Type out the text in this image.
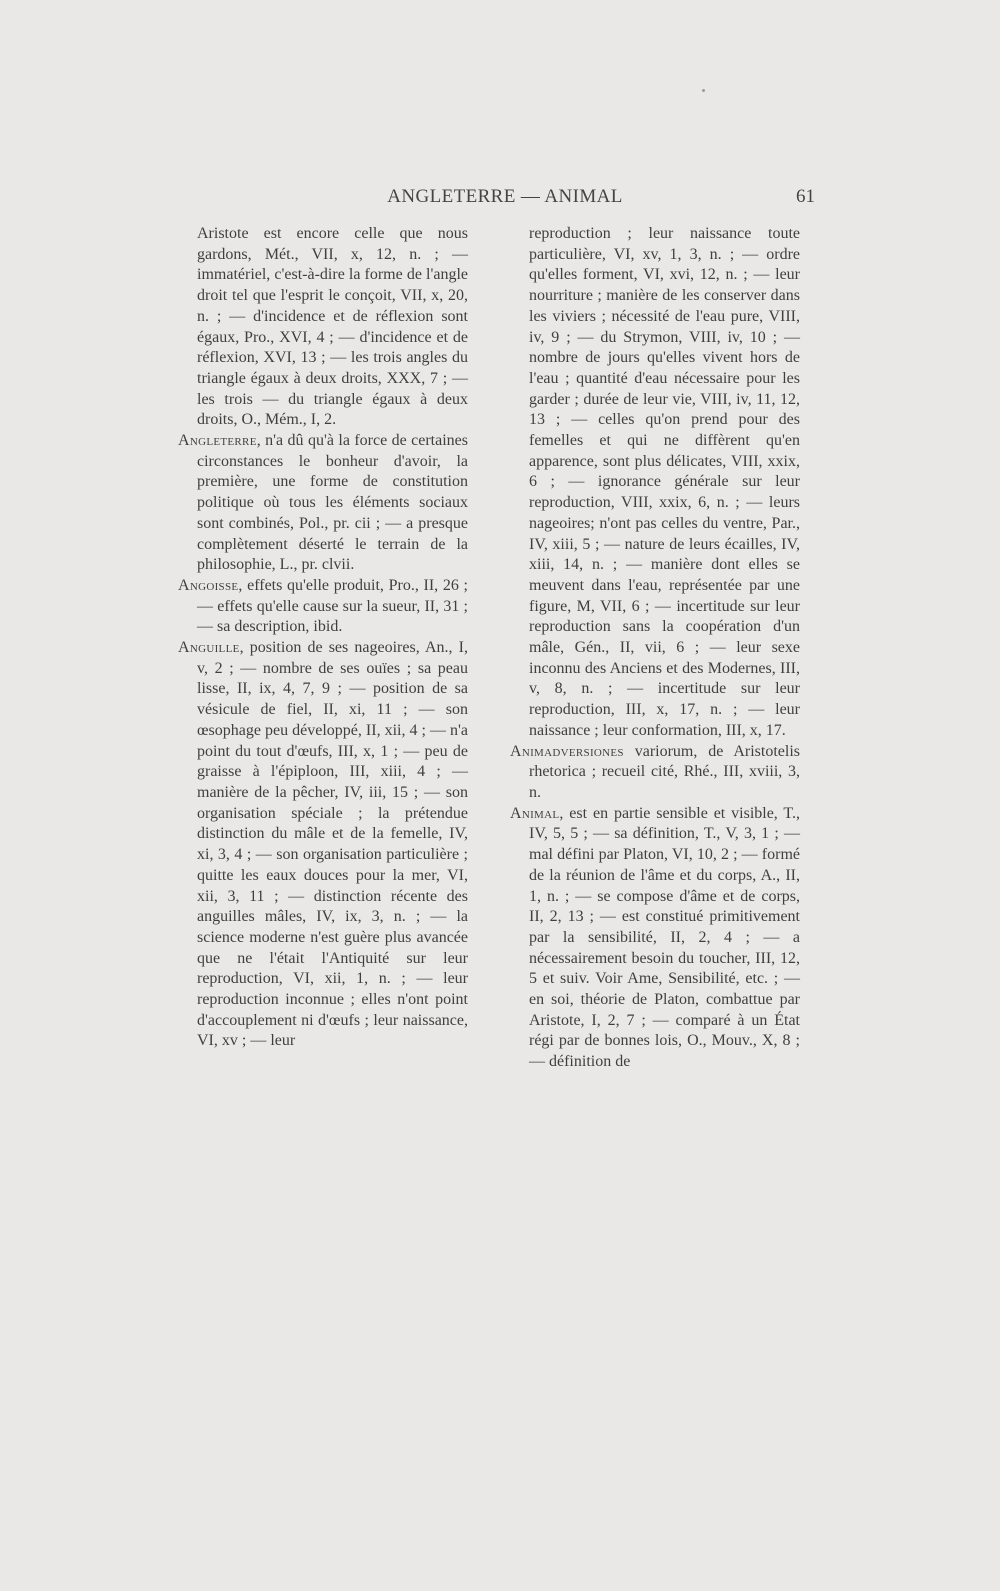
ANGLETERRE — ANIMAL	61

Aristote est encore celle que nous gardons, Mét., VII, x, 12, n. ; — immatériel, c'est-à-dire la forme de l'angle droit tel que l'esprit le conçoit, VII, x, 20, n. ; — d'incidence et de réflexion sont égaux, Pro., XVI, 4 ; — d'incidence et de réflexion, XVI, 13 ; — les trois angles du triangle égaux à deux droits, XXX, 7 ; — les trois — du triangle égaux à deux droits, O., Mém., I, 2.

Angleterre, n'a dû qu'à la force de certaines circonstances le bonheur d'avoir, la première, une forme de constitution politique où tous les éléments sociaux sont combinés, Pol., pr. cii ; — a presque complètement déserté le terrain de la philosophie, L., pr. clvii.

Angoisse, effets qu'elle produit, Pro., II, 26 ; — effets qu'elle cause sur la sueur, II, 31 ; — sa description, ibid.

Anguille, position de ses nageoires, An., I, v, 2 ; — nombre de ses ouïes ; sa peau lisse, II, ix, 4, 7, 9 ; — position de sa vésicule de fiel, II, xi, 11 ; — son œsophage peu développé, II, xii, 4 ; — n'a point du tout d'œufs, III, x, 1 ; — peu de graisse à l'épiploon, III, xiii, 4 ; — manière de la pêcher, IV, iii, 15 ; — son organisation spéciale ; la prétendue distinction du mâle et de la femelle, IV, xi, 3, 4 ; — son organisation particulière ; quitte les eaux douces pour la mer, VI, xii, 3, 11 ; — distinction récente des anguilles mâles, IV, ix, 3, n. ; — la science moderne n'est guère plus avancée que ne l'était l'Antiquité sur leur reproduction, VI, xii, 1, n. ; — leur reproduction inconnue ; elles n'ont point d'accouplement ni d'œufs ; leur naissance, VI, xv ; — leur

reproduction ; leur naissance toute particulière, VI, xv, 1, 3, n. ; — ordre qu'elles forment, VI, xvi, 12, n. ; — leur nourriture ; manière de les conserver dans les viviers ; nécessité de l'eau pure, VIII, iv, 9 ; — du Strymon, VIII, iv, 10 ; — nombre de jours qu'elles vivent hors de l'eau ; quantité d'eau nécessaire pour les garder ; durée de leur vie, VIII, iv, 11, 12, 13 ; — celles qu'on prend pour des femelles et qui ne diffèrent qu'en apparence, sont plus délicates, VIII, xxix, 6 ; — ignorance générale sur leur reproduction, VIII, xxix, 6, n. ; — leurs nageoires; n'ont pas celles du ventre, Par., IV, xiii, 5 ; — nature de leurs écailles, IV, xiii, 14, n. ; — manière dont elles se meuvent dans l'eau, représentée par une figure, M, VII, 6 ; — incertitude sur leur reproduction sans la coopération d'un mâle, Gén., II, vii, 6 ; — leur sexe inconnu des Anciens et des Modernes, III, v, 8, n. ; — incertitude sur leur reproduction, III, x, 17, n. ; — leur naissance ; leur conformation, III, x, 17.

Animadversiones variorum, de Aristotelis rhetorica ; recueil cité, Rhé., III, xviii, 3, n.

Animal, est en partie sensible et visible, T., IV, 5, 5 ; — sa définition, T., V, 3, 1 ; — mal défini par Platon, VI, 10, 2 ; — formé de la réunion de l'âme et du corps, A., II, 1, n. ; — se compose d'âme et de corps, II, 2, 13 ; — est constitué primitivement par la sensibilité, II, 2, 4 ; — a nécessairement besoin du toucher, III, 12, 5 et suiv. Voir Ame, Sensibilité, etc. ; — en soi, théorie de Platon, combattue par Aristote, I, 2, 7 ; — comparé à un État régi par de bonnes lois, O., Mouv., X, 8 ; — définition de
